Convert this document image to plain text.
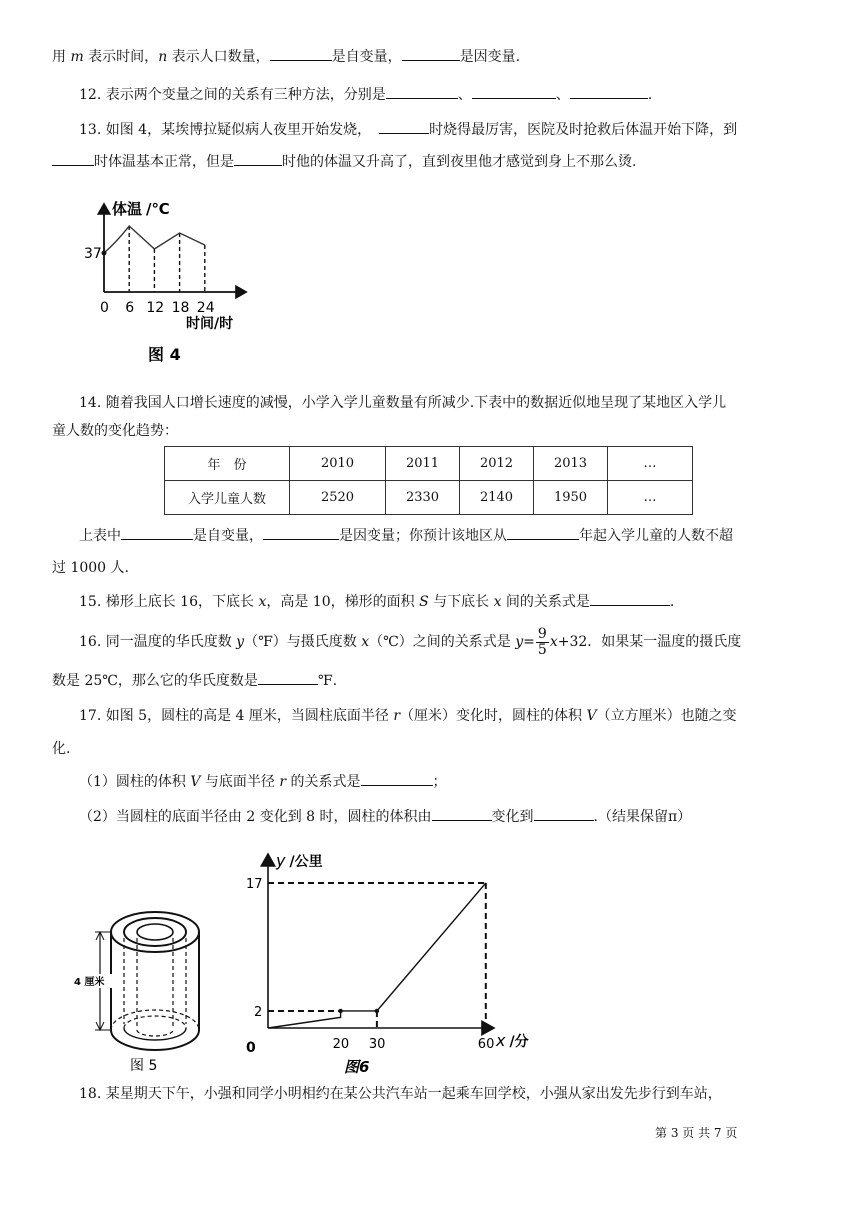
用 m 表示时间，n 表示人口数量，	是自变量，	是因变量.
12. 表示两个变量之间的关系有三种方法，分别是	、	、	.
13. 如图 4，某埃博拉疑似病人夜里开始发烧，	时烧得最厉害，医院及时抢救后体温开始下降，到
时体温基本正常，但是	时他的体温又升高了，直到夜里他才感觉到身上不那么烫.
体温 /℃
37
时间/时
0 6 12 18 24
图 4
14. 随着我国人口增长速度的减慢，小学入学儿童数量有所减少.下表中的数据近似地呈现了某地区入学儿
童人数的变化趋势：
年　份	2010	2011	2012	2013	…
入学儿童人数	2520	2330	2140	1950	…
上表中	是自变量，	是因变量；你预计该地区从	年起入学儿童的人数不超
过 1000 人.
15. 梯形上底长 16，下底长 x，高是 10，梯形的面积 S 与下底长 x 间的关系式是	.
16. 同一温度的华氏度数 y（℉）与摄氏度数 x（℃）之间的关系式是 $y= \frac{9}{5} x+32$．如果某一温度的摄氏度
数是 25℃，那么它的华氏度数是	℉.
17. 如图 5，圆柱的高是 4 厘米，当圆柱底面半径 r（厘米）变化时，圆柱的体积 V（立方厘米）也随之变
化.
（1）圆柱的体积 V 与底面半径 r 的关系式是	；
（2）当圆柱的底面半径由 2 变化到 8 时，圆柱的体积由	变化到	.（结果保留π）
4 厘米
图 5
y /公里
x /分
0
2
17
20 30	60
图6
18. 某星期天下午，小强和同学小明相约在某公共汽车站一起乘车回学校，小强从家出发先步行到车站，
第 3 页 共 7 页
